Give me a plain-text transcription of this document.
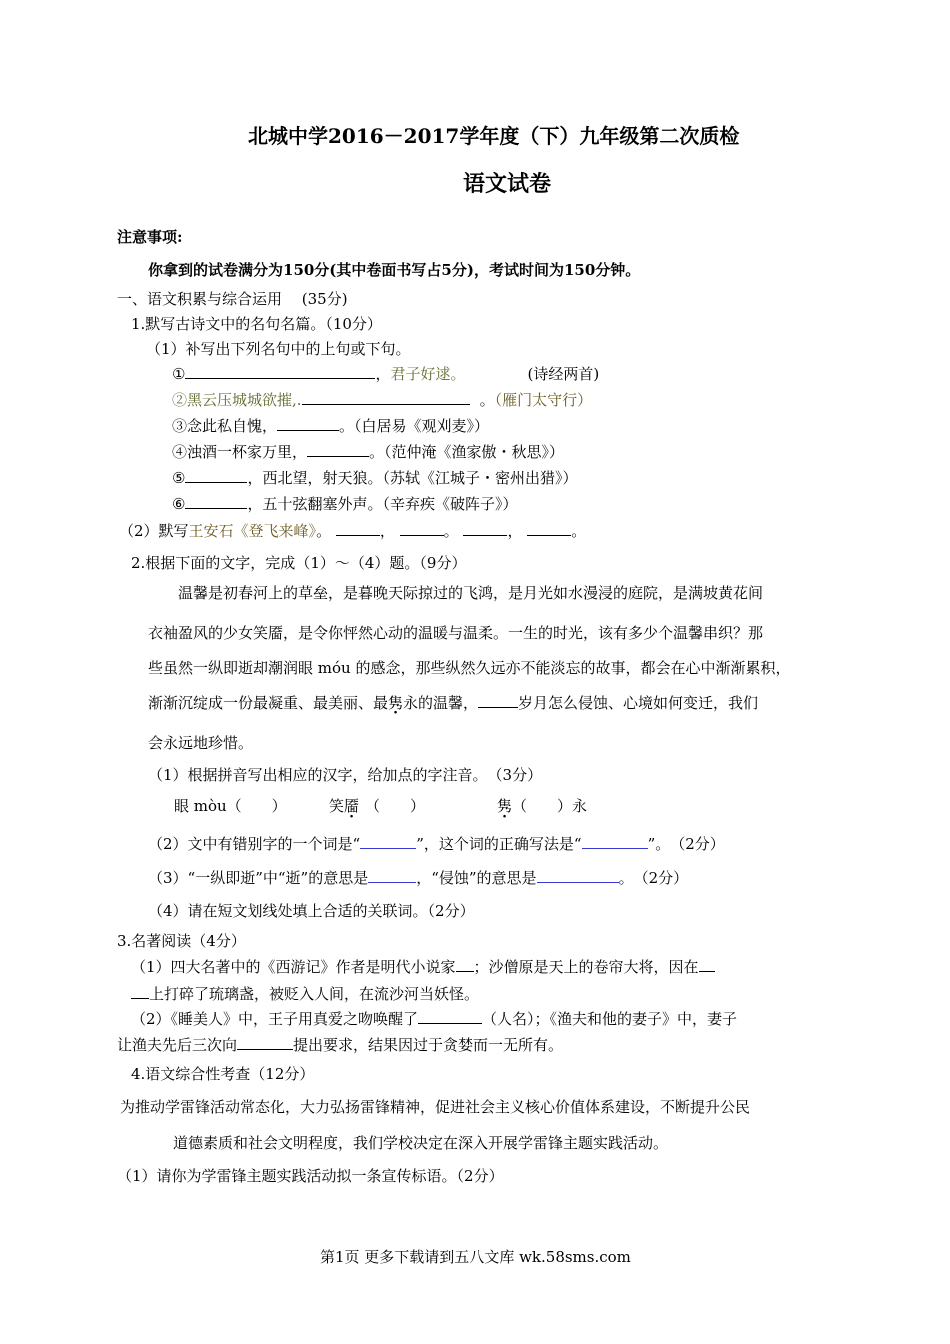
北城中学2016－2017学年度（下）九年级第二次质检
语文试卷
注意事项:
你拿到的试卷满分为150分(其中卷面书写占5分)，考试时间为150分钟。
一、语文积累与综合运用　 (35分)
1.默写古诗文中的名句名篇。（10分）
（1）补写出下列名句中的上句或下句。
①	，君子好逑。	(诗经两首)
②黑云压城城欲摧,.	。（雁门太守行）
③念此私自愧，	。（白居易《观刈麦》）
④浊酒一杯家万里，	。（范仲淹《渔家傲・秋思》）
⑤	，西北望，射天狼。（苏轼《江城子・密州出猎》）
⑥	，五十弦翻塞外声。（辛弃疾《破阵子》）
（2）默写王安石《登飞来峰》。	，	。	，	。
2.根据下面的文字，完成（1）～（4）题。（9分）
温馨是初春河上的草垒，是暮晚天际掠过的飞鸿，是月光如水漫浸的庭院，是满坡黄花间
衣袖盈风的少女笑靥，是令你怦然心动的温暖与温柔。一生的时光，该有多少个温馨串织？那
些虽然一纵即逝却潮润眼 móu 的感念，那些纵然久远亦不能淡忘的故事，都会在心中渐渐累积，
渐渐沉绽成一份最凝重、最美丽、最隽永的温馨，	岁月怎么侵蚀、心境如何变迁，我们
会永远地珍惜。
（1）根据拼音写出相应的汉字，给加点的字注音。　（3分）
眼 mòu（　　）	笑靥 （　　）	隽（　　）永
（2）文中有错别字的一个词是“	”，这个词的正确写法是“	”。　（2分）
（3）“一纵即逝”中“逝”的意思是	，“侵蚀”的意思是	。　（2分）
（4）请在短文划线处填上合适的关联词。（2分）
3.名著阅读（4分）
（1）四大名著中的《西游记》作者是明代小说家 ；沙僧原是天上的卷帘大将，因在
上打碎了琉璃盏，被贬入人间，在流沙河当妖怪。
（2）《睡美人》中，王子用真爱之吻唤醒了	（人名）；《渔夫和他的妻子》中，妻子
让渔夫先后三次向	提出要求，结果因过于贪婪而一无所有。
4.语文综合性考查（12分）
为推动学雷锋活动常态化，大力弘扬雷锋精神，促进社会主义核心价值体系建设，不断提升公民
道德素质和社会文明程度，我们学校决定在深入开展学雷锋主题实践活动。
（1）请你为学雷锋主题实践活动拟一条宣传标语。（2分）
第1页 更多下载请到五八文库 wk.58sms.com
